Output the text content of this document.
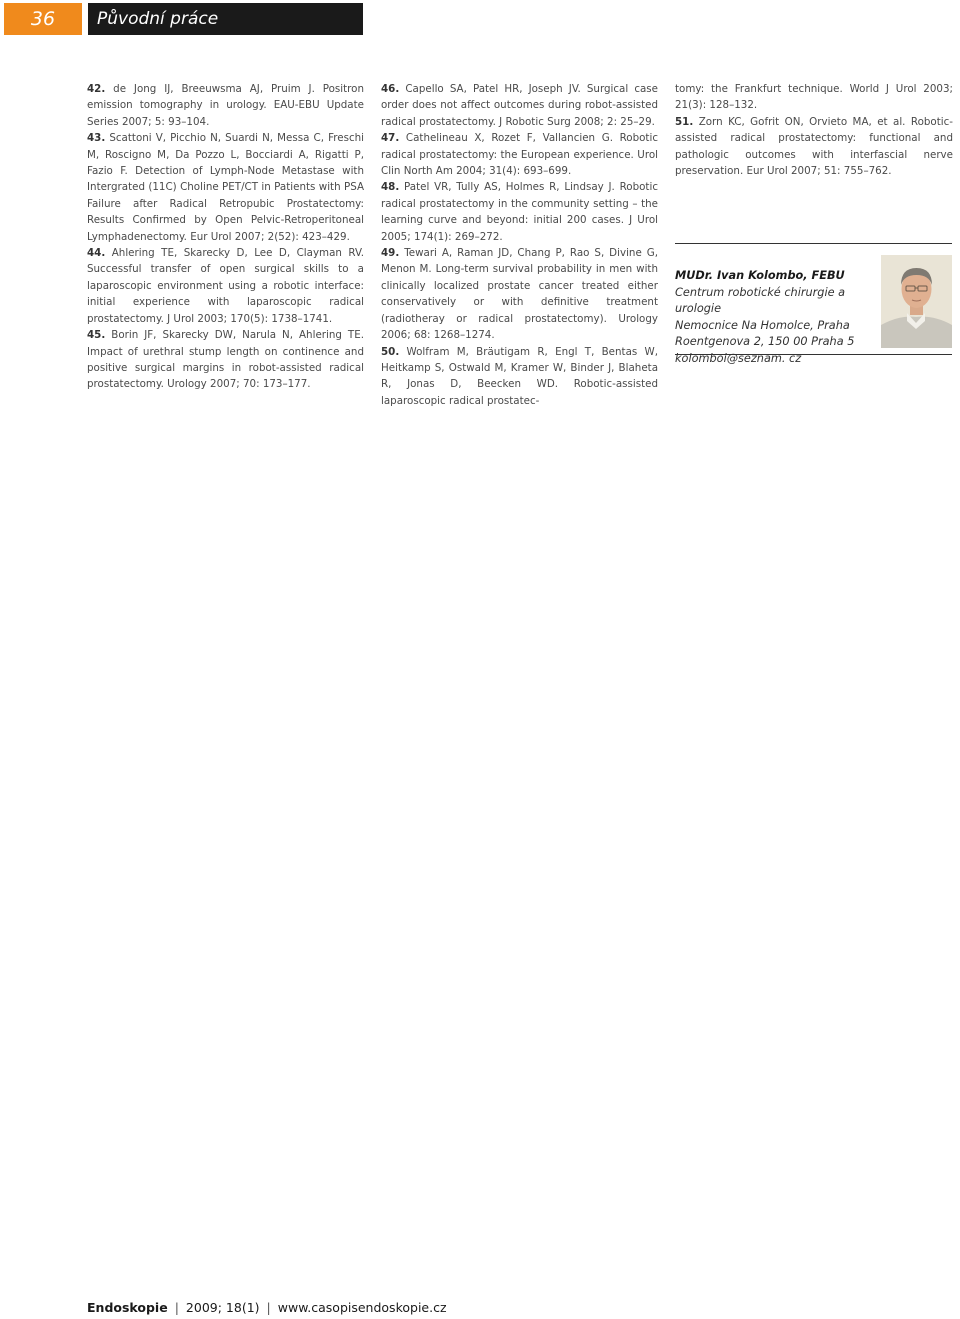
36	Původní práce

42. de Jong IJ, Breeuwsma AJ, Pruim J. Positron emission tomography in urology. EAU-EBU Update Series 2007; 5: 93–104.

43. Scattoni V, Picchio N, Suardi N, Messa C, Freschi M, Roscigno M, Da Pozzo L, Bocciardi A, Rigatti P, Fazio F. Detection of Lymph-Node Metastase with Intergrated (11C) Choline PET/CT in Patients with PSA Failure after Radical Retropubic Prostatectomy: Results Confirmed by Open Pelvic-Retroperitoneal Lymphadenectomy. Eur Urol 2007; 2(52): 423–429.

44. Ahlering TE, Skarecky D, Lee D, Clayman RV. Successful transfer of open surgical skills to a laparoscopic environment using a robotic interface: initial experience with laparoscopic radical prostatectomy. J Urol 2003; 170(5): 1738–1741.

45. Borin JF, Skarecky DW, Narula N, Ahlering TE. Impact of urethral stump length on continence and positive surgical margins in robot-assisted radical prostatectomy. Urology 2007; 70: 173–177.

46. Capello SA, Patel HR, Joseph JV. Surgical case order does not affect outcomes during robot-assisted radical prostatectomy. J Robotic Surg 2008; 2: 25–29.

47. Cathelineau X, Rozet F, Vallancien G. Robotic radical prostatectomy: the European experience. Urol Clin North Am 2004; 31(4): 693–699.

48. Patel VR, Tully AS, Holmes R, Lindsay J. Robotic radical prostatectomy in the community setting – the learning curve and beyond: initial 200 cases. J Urol 2005; 174(1): 269–272.

49. Tewari A, Raman JD, Chang P, Rao S, Divine G, Menon M. Long-term survival probability in men with clinically localized prostate cancer treated either conservatively or with definitive treatment (radiotheray or radical prostatectomy). Urology 2006; 68: 1268–1274.

50. Wolfram M, Bräutigam R, Engl T, Bentas W, Heitkamp S, Ostwald M, Kramer W, Binder J, Blaheta R, Jonas D, Beecken WD. Robotic-assisted laparoscopic radical prostatec-

tomy: the Frankfurt technique. World J Urol 2003; 21(3): 128–132.

51. Zorn KC, Gofrit ON, Orvieto MA, et al. Robotic-assisted radical prostatectomy: functional and pathologic outcomes with interfascial nerve preservation. Eur Urol 2007; 51: 755–762.

MUDr. Ivan Kolombo, FEBU
Centrum robotické chirurgie a urologie
Nemocnice Na Homolce, Praha
Roentgenova 2, 150 00 Praha 5
kolomboi@seznam. cz
Endoskopie | 2009; 18(1) | www.casopisendoskopie.cz
